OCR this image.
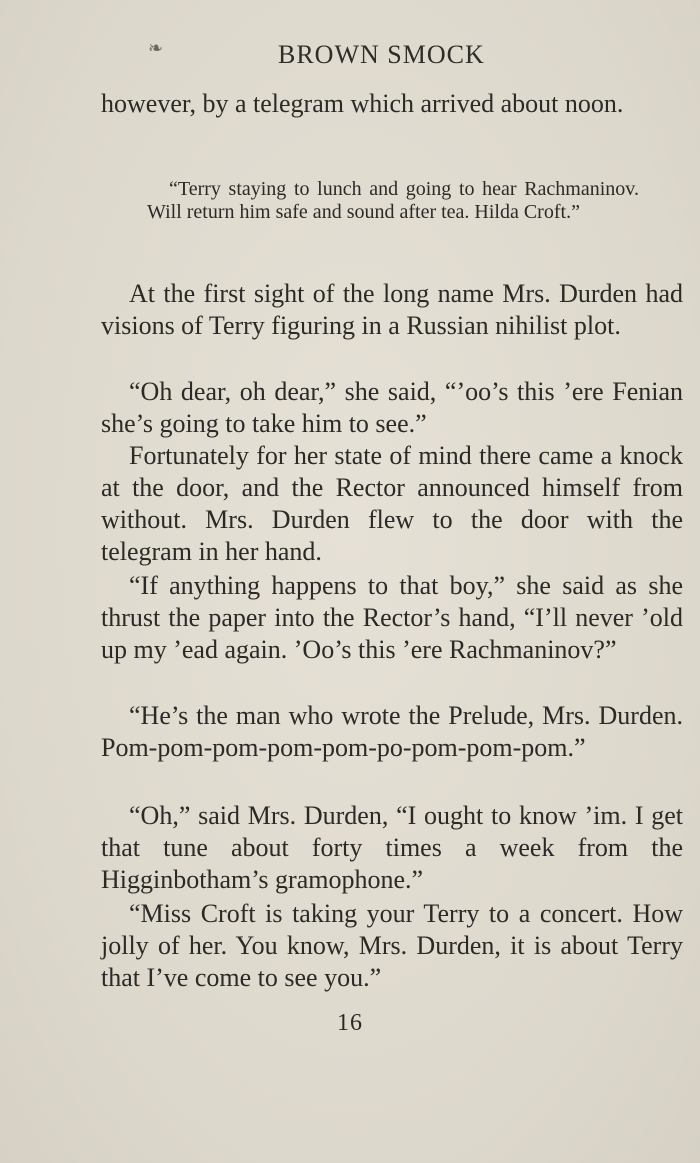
❧	BROWN SMOCK

however, by a telegram which arrived about noon.

“Terry staying to lunch and going to hear Rachmaninov. Will return him safe and sound after tea. Hilda Croft.”

At the first sight of the long name Mrs. Durden had visions of Terry figuring in a Russian nihilist plot.

“Oh dear, oh dear,” she said, “’oo’s this ’ere Fenian she’s going to take him to see.”

Fortunately for her state of mind there came a knock at the door, and the Rector announced himself from without. Mrs. Durden flew to the door with the telegram in her hand.

“If anything happens to that boy,” she said as she thrust the paper into the Rector’s hand, “I’ll never ’old up my ’ead again. ’Oo’s this ’ere Rachmaninov?”

“He’s the man who wrote the Prelude, Mrs. Durden. Pom-pom-pom-pom-pom-po-pom-pom-pom.”

“Oh,” said Mrs. Durden, “I ought to know ’im. I get that tune about forty times a week from the Higginbotham’s gramophone.”

“Miss Croft is taking your Terry to a concert. How jolly of her. You know, Mrs. Durden, it is about Terry that I’ve come to see you.”

16
